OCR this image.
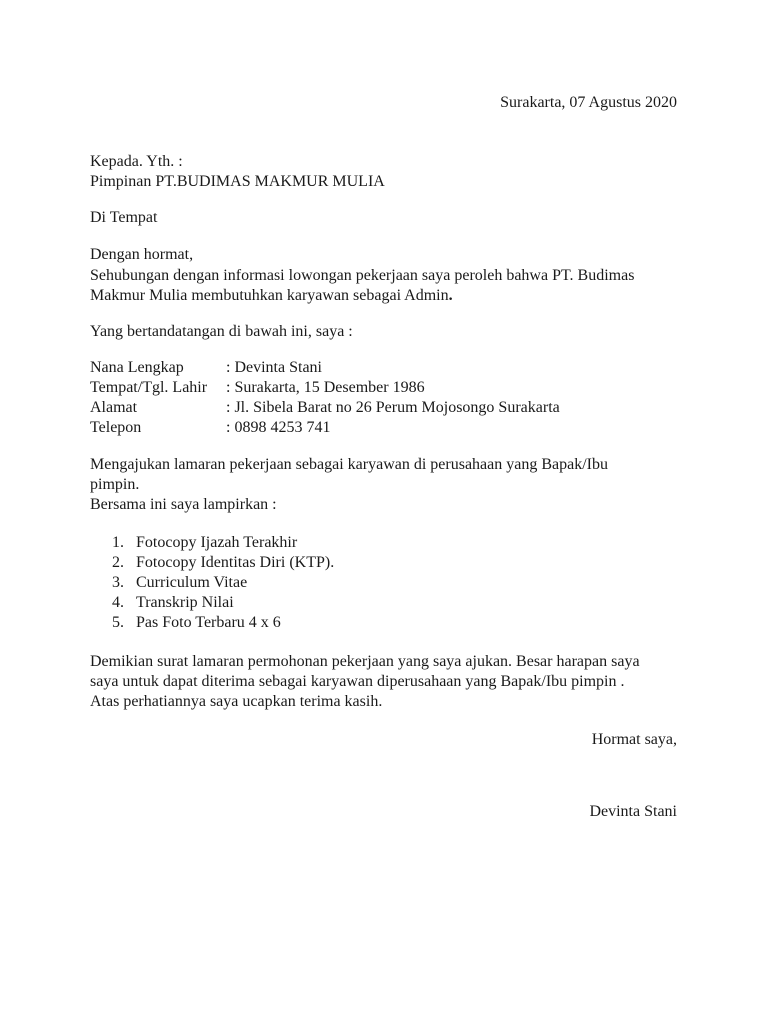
Surakarta, 07 Agustus 2020
Kepada. Yth. :
Pimpinan PT.BUDIMAS MAKMUR MULIA
Di Tempat
Dengan hormat,
Sehubungan dengan informasi lowongan pekerjaan saya peroleh bahwa PT. Budimas
Makmur Mulia membutuhkan karyawan sebagai Admin.
Yang bertandatangan di bawah ini, saya :
Nana Lengkap	: Devinta Stani
Tempat/Tgl. Lahir : Surakarta, 15 Desember 1986
Alamat	: Jl. Sibela Barat no 26 Perum Mojosongo Surakarta
Telepon	: 0898 4253 741
Mengajukan lamaran pekerjaan sebagai karyawan di perusahaan yang Bapak/Ibu
pimpin.
Bersama ini saya lampirkan :
1. Fotocopy Ijazah Terakhir
2. Fotocopy Identitas Diri (KTP).
3. Curriculum Vitae
4. Transkrip Nilai
5. Pas Foto Terbaru 4 x 6
Demikian surat lamaran permohonan pekerjaan yang saya ajukan. Besar harapan saya
saya untuk dapat diterima sebagai karyawan diperusahaan yang Bapak/Ibu pimpin .
Atas perhatiannya saya ucapkan terima kasih.
Hormat saya,
Devinta Stani
